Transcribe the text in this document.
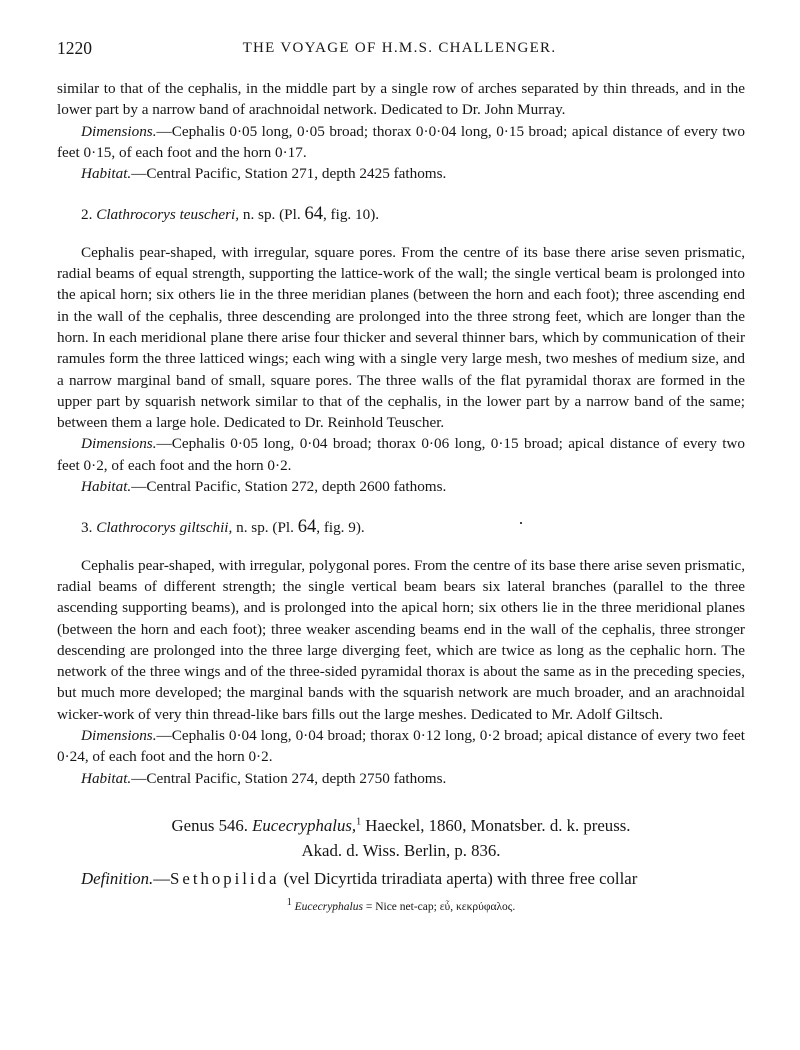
1220	THE VOYAGE OF H.M.S. CHALLENGER.

similar to that of the cephalis, in the middle part by a single row of arches separated by thin threads, and in the lower part by a narrow band of arachnoidal network. Dedicated to Dr. John Murray.

Dimensions.—Cephalis 0·05 long, 0·05 broad; thorax 0·0·04 long, 0·15 broad; apical distance of every two feet 0·15, of each foot and the horn 0·17.

Habitat.—Central Pacific, Station 271, depth 2425 fathoms.

2. Clathrocorys teuscheri, n. sp. (Pl. 64, fig. 10).

Cephalis pear-shaped, with irregular, square pores. From the centre of its base there arise seven prismatic, radial beams of equal strength, supporting the lattice-work of the wall; the single vertical beam is prolonged into the apical horn; six others lie in the three meridian planes (between the horn and each foot); three ascending end in the wall of the cephalis, three descending are prolonged into the three strong feet, which are longer than the horn. In each meridional plane there arise four thicker and several thinner bars, which by communication of their ramules form the three latticed wings; each wing with a single very large mesh, two meshes of medium size, and a narrow marginal band of small, square pores. The three walls of the flat pyramidal thorax are formed in the upper part by squarish network similar to that of the cephalis, in the lower part by a narrow band of the same; between them a large hole. Dedicated to Dr. Reinhold Teuscher.

Dimensions.—Cephalis 0·05 long, 0·04 broad; thorax 0·06 long, 0·15 broad; apical distance of every two feet 0·2, of each foot and the horn 0·2.

Habitat.—Central Pacific, Station 272, depth 2600 fathoms.

3. Clathrocorys giltschii, n. sp. (Pl. 64, fig. 9).

Cephalis pear-shaped, with irregular, polygonal pores. From the centre of its base there arise seven prismatic, radial beams of different strength; the single vertical beam bears six lateral branches (parallel to the three ascending supporting beams), and is prolonged into the apical horn; six others lie in the three meridional planes (between the horn and each foot); three weaker ascending beams end in the wall of the cephalis, three stronger descending are prolonged into the three large diverging feet, which are twice as long as the cephalic horn. The network of the three wings and of the three-sided pyramidal thorax is about the same as in the preceding species, but much more developed; the marginal bands with the squarish network are much broader, and an arachnoidal wicker-work of very thin thread-like bars fills out the large meshes. Dedicated to Mr. Adolf Giltsch.

Dimensions.—Cephalis 0·04 long, 0·04 broad; thorax 0·12 long, 0·2 broad; apical distance of every two feet 0·24, of each foot and the horn 0·2.

Habitat.—Central Pacific, Station 274, depth 2750 fathoms.

Genus 546. Eucecryphalus,$^1$ Haeckel, 1860, Monatsber. d. k. preuss.
Akad. d. Wiss. Berlin, p. 836.

Definition.—Sethopilida (vel Dicyrtida triradiata aperta) with three free collar

$^1$ Eucecryphalus = Nice net-cap; εὖ, κεκρύφαλος.
